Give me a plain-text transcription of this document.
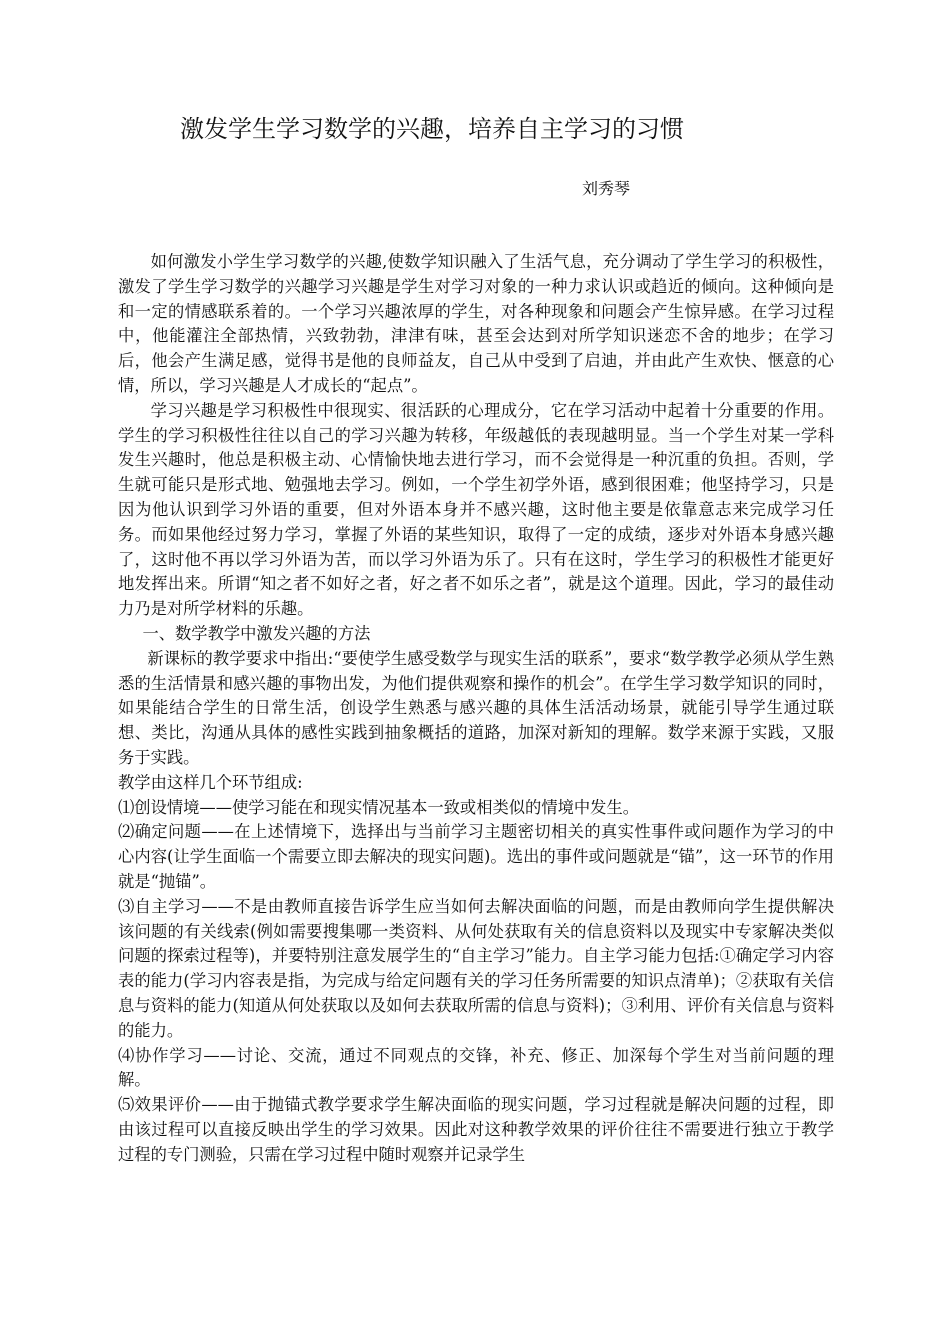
激发学生学习数学的兴趣，培养自主学习的习惯
刘秀琴

如何激发小学生学习数学的兴趣,使数学知识融入了生活气息，充分调动了学生学习的积极性，激发了学生学习数学的兴趣学习兴趣是学生对学习对象的一种力求认识或趋近的倾向。这种倾向是和一定的情感联系着的。一个学习兴趣浓厚的学生，对各种现象和问题会产生惊异感。在学习过程中，他能灌注全部热情，兴致勃勃，津津有味，甚至会达到对所学知识迷恋不舍的地步；在学习后，他会产生满足感，觉得书是他的良师益友，自己从中受到了启迪，并由此产生欢快、惬意的心情，所以，学习兴趣是人才成长的“起点”。

学习兴趣是学习积极性中很现实、很活跃的心理成分，它在学习活动中起着十分重要的作用。学生的学习积极性往往以自己的学习兴趣为转移，年级越低的表现越明显。当一个学生对某一学科发生兴趣时，他总是积极主动、心情愉快地去进行学习，而不会觉得是一种沉重的负担。否则，学生就可能只是形式地、勉强地去学习。例如，一个学生初学外语，感到很困难；他坚持学习，只是因为他认识到学习外语的重要，但对外语本身并不感兴趣，这时他主要是依靠意志来完成学习任务。而如果他经过努力学习，掌握了外语的某些知识，取得了一定的成绩，逐步对外语本身感兴趣了，这时他不再以学习外语为苦，而以学习外语为乐了。只有在这时，学生学习的积极性才能更好地发挥出来。所谓“知之者不如好之者，好之者不如乐之者”，就是这个道理。因此，学习的最佳动力乃是对所学材料的乐趣。

一、数学教学中激发兴趣的方法

新课标的教学要求中指出:“要使学生感受数学与现实生活的联系”，要求“数学教学必须从学生熟悉的生活情景和感兴趣的事物出发，为他们提供观察和操作的机会”。在学生学习数学知识的同时，如果能结合学生的日常生活，创设学生熟悉与感兴趣的具体生活活动场景，就能引导学生通过联想、类比，沟通从具体的感性实践到抽象概括的道路，加深对新知的理解。数学来源于实践，又服务于实践。

教学由这样几个环节组成:

⑴创设情境——使学习能在和现实情况基本一致或相类似的情境中发生。

⑵确定问题——在上述情境下，选择出与当前学习主题密切相关的真实性事件或问题作为学习的中心内容(让学生面临一个需要立即去解决的现实问题)。选出的事件或问题就是“锚”，这一环节的作用就是“抛锚”。

⑶自主学习——不是由教师直接告诉学生应当如何去解决面临的问题，而是由教师向学生提供解决该问题的有关线索(例如需要搜集哪一类资料、从何处获取有关的信息资料以及现实中专家解决类似问题的探索过程等)，并要特别注意发展学生的“自主学习”能力。自主学习能力包括:①确定学习内容表的能力(学习内容表是指，为完成与给定问题有关的学习任务所需要的知识点清单)；②获取有关信息与资料的能力(知道从何处获取以及如何去获取所需的信息与资料)；③利用、评价有关信息与资料的能力。

⑷协作学习——讨论、交流，通过不同观点的交锋，补充、修正、加深每个学生对当前问题的理解。

⑸效果评价——由于抛锚式教学要求学生解决面临的现实问题，学习过程就是解决问题的过程，即由该过程可以直接反映出学生的学习效果。因此对这种教学效果的评价往往不需要进行独立于教学过程的专门测验，只需在学习过程中随时观察并记录学生
